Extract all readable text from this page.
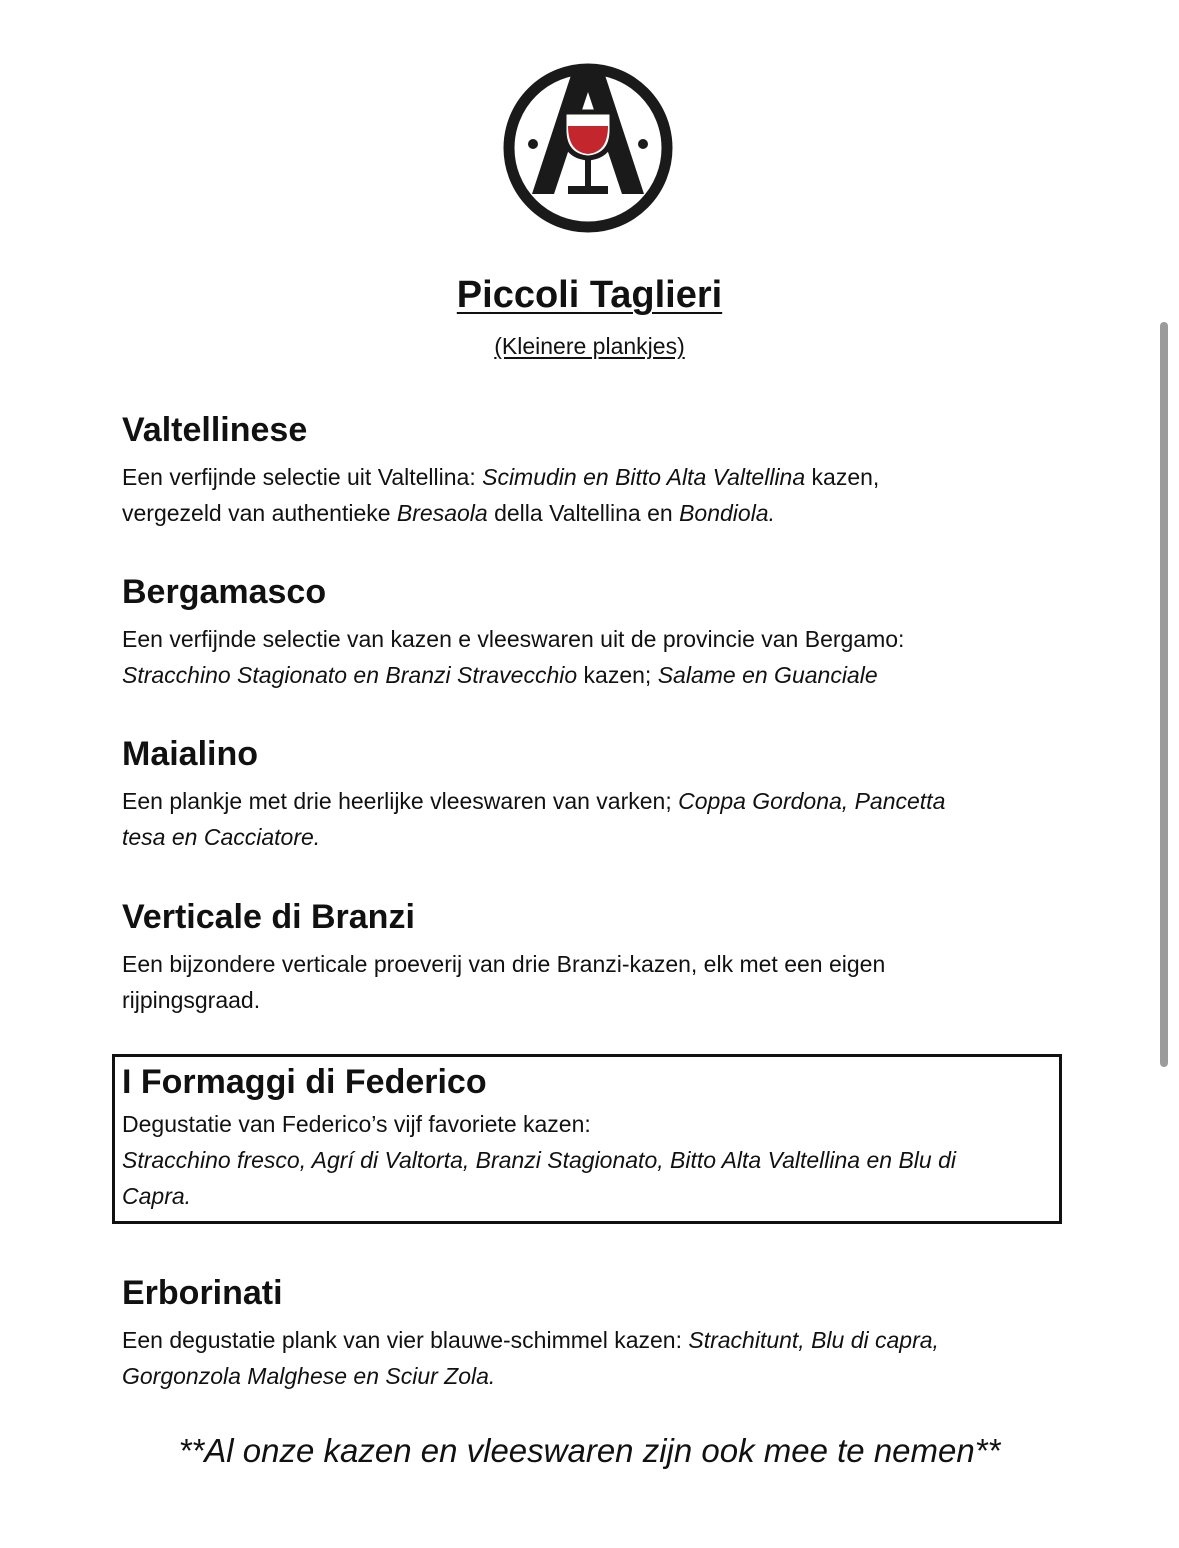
Piccoli Taglieri

(Kleinere plankjes)

Valtellinese

Een verfijnde selectie uit Valtellina: Scimudin en Bitto Alta Valtellina kazen,
vergezeld van authentieke Bresaola della Valtellina en Bondiola.

Bergamasco

Een verfijnde selectie van kazen e vleeswaren uit de provincie van Bergamo:
Stracchino Stagionato en Branzi Stravecchio kazen; Salame en Guanciale

Maialino

Een plankje met drie heerlijke vleeswaren van varken; Coppa Gordona, Pancetta
tesa en Cacciatore.

Verticale di Branzi

Een bijzondere verticale proeverij van drie Branzi-kazen, elk met een eigen
rijpingsgraad.

I Formaggi di Federico

Degustatie van Federico’s vijf favoriete kazen:
Stracchino fresco, Agrí di Valtorta, Branzi Stagionato, Bitto Alta Valtellina en Blu di
Capra.

Erborinati

Een degustatie plank van vier blauwe-schimmel kazen: Strachitunt, Blu di capra,
Gorgonzola Malghese en Sciur Zola.

**Al onze kazen en vleeswaren zijn ook mee te nemen**
